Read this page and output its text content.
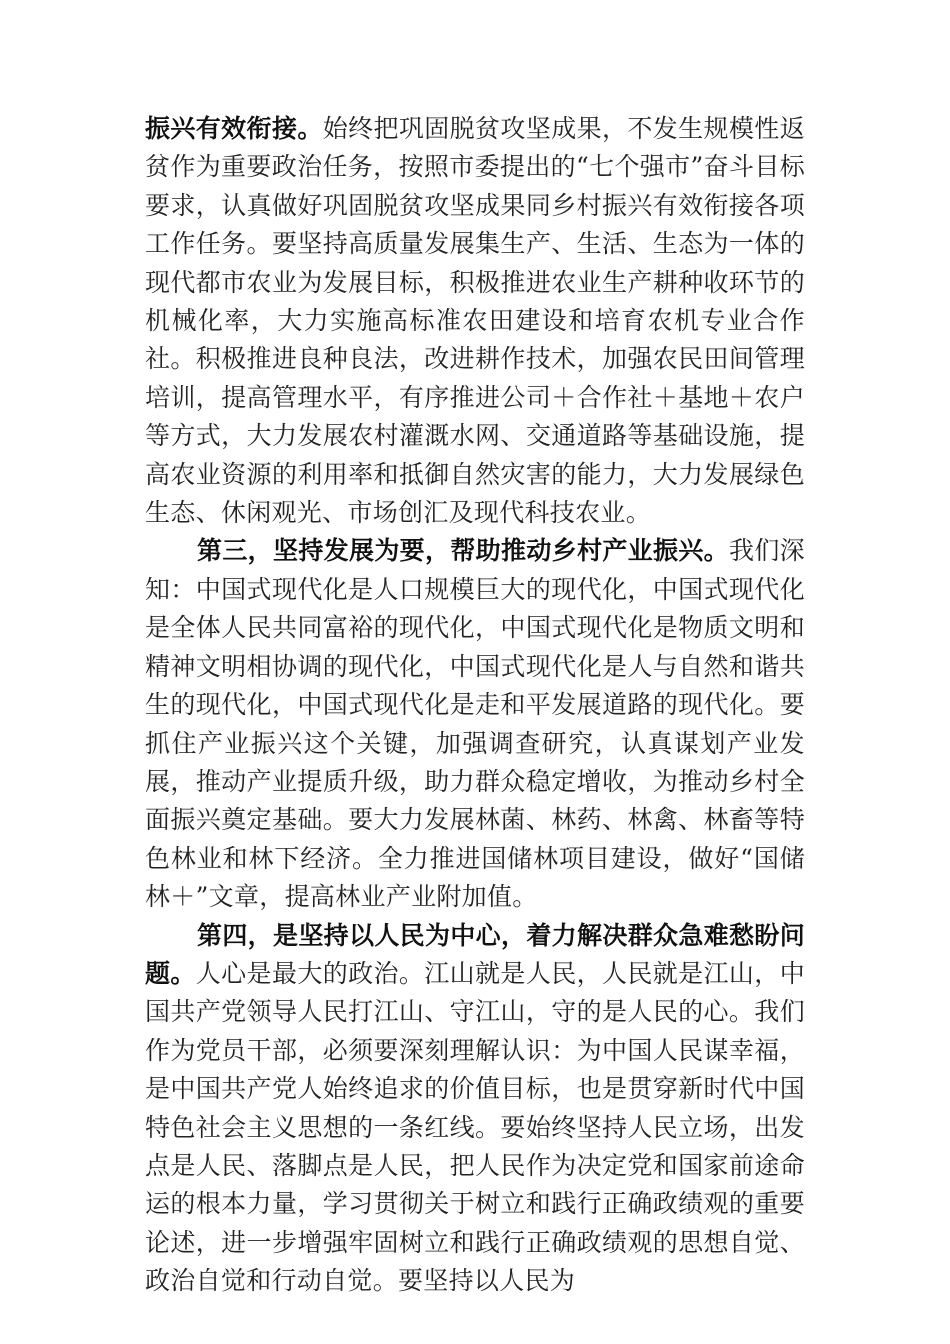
振兴有效衔接。始终把巩固脱贫攻坚成果，不发生规模性返贫作为重要政治任务，按照市委提出的“七个强市”奋斗目标要求，认真做好巩固脱贫攻坚成果同乡村振兴有效衔接各项工作任务。要坚持高质量发展集生产、生活、生态为一体的现代都市农业为发展目标，积极推进农业生产耕种收环节的机械化率，大力实施高标准农田建设和培育农机专业合作社。积极推进良种良法，改进耕作技术，加强农民田间管理培训，提高管理水平，有序推进公司＋合作社＋基地＋农户等方式，大力发展农村灌溉水网、交通道路等基础设施，提高农业资源的利用率和抵御自然灾害的能力，大力发展绿色生态、休闲观光、市场创汇及现代科技农业。

第三，坚持发展为要，帮助推动乡村产业振兴。我们深知：中国式现代化是人口规模巨大的现代化，中国式现代化是全体人民共同富裕的现代化，中国式现代化是物质文明和精神文明相协调的现代化，中国式现代化是人与自然和谐共生的现代化，中国式现代化是走和平发展道路的现代化。要抓住产业振兴这个关键，加强调查研究，认真谋划产业发展，推动产业提质升级，助力群众稳定增收，为推动乡村全面振兴奠定基础。要大力发展林菌、林药、林禽、林畜等特色林业和林下经济。全力推进国储林项目建设，做好“国储林＋”文章，提高林业产业附加值。

第四，是坚持以人民为中心，着力解决群众急难愁盼问题。人心是最大的政治。江山就是人民，人民就是江山，中国共产党领导人民打江山、守江山，守的是人民的心。我们作为党员干部，必须要深刻理解认识：为中国人民谋幸福，是中国共产党人始终追求的价值目标，也是贯穿新时代中国特色社会主义思想的一条红线。要始终坚持人民立场，出发点是人民、落脚点是人民，把人民作为决定党和国家前途命运的根本力量，学习贯彻关于树立和践行正确政绩观的重要论述，进一步增强牢固树立和践行正确政绩观的思想自觉、政治自觉和行动自觉。要坚持以人民为
